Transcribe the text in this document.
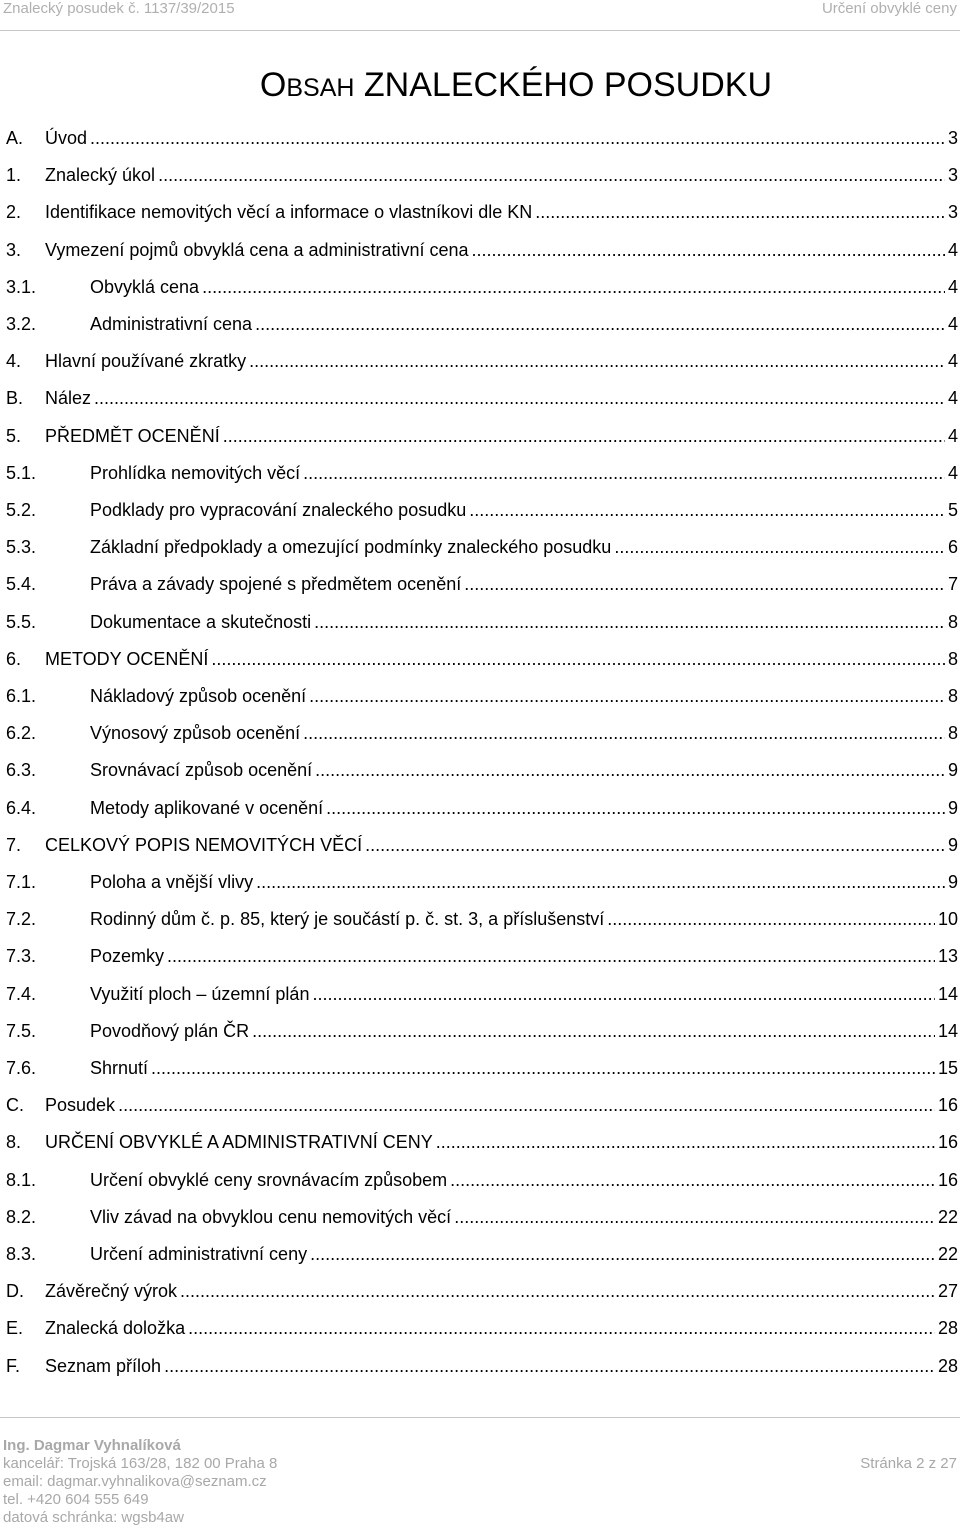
Znalecký posudek č. 1137/39/2015	Určení obvyklé ceny
OBSAH ZNALECKÉHO POSUDKU
A. Úvod .....	3
1. Znalecký úkol .....	3
2. Identifikace nemovitých věcí a informace o vlastníkovi dle KN .....	3
3. Vymezení pojmů obvyklá cena a administrativní cena .....	4
3.1.	Obvyklá cena .....	4
3.2.	Administrativní cena .....	4
4. Hlavní používané zkratky .....	4
B. Nález .....	4
5. PŘEDMĚT OCENĚNÍ .....	4
5.1.	Prohlídka nemovitých věcí .....	4
5.2.	Podklady pro vypracování znaleckého posudku .....	5
5.3.	Základní předpoklady a omezující podmínky znaleckého posudku .....	6
5.4.	Práva a závady spojené s předmětem ocenění .....	7
5.5.	Dokumentace a skutečnosti .....	8
6. METODY OCENĚNÍ .....	8
6.1.	Nákladový způsob ocenění .....	8
6.2.	Výnosový způsob ocenění .....	8
6.3.	Srovnávací způsob ocenění .....	9
6.4.	Metody aplikované v ocenění .....	9
7. CELKOVÝ POPIS NEMOVITÝCH VĚCÍ .....	9
7.1.	Poloha a vnější vlivy .....	9
7.2.	Rodinný dům č. p. 85, který je součástí p. č. st. 3, a příslušenství .....	10
7.3.	Pozemky .....	13
7.4.	Využití ploch – územní plán .....	14
7.5.	Povodňový plán ČR .....	14
7.6.	Shrnutí .....	15
C. Posudek .....	16
8. URČENÍ OBVYKLÉ A ADMINISTRATIVNÍ CENY .....	16
8.1.	Určení obvyklé ceny srovnávacím způsobem .....	16
8.2.	Vliv závad na obvyklou cenu nemovitých věcí .....	22
8.3.	Určení administrativní ceny .....	22
D. Závěrečný výrok .....	27
E. Znalecká doložka .....	28
F. Seznam příloh .....	28
Ing. Dagmar Vyhnalíková
kancelář: Trojská 163/28, 182 00 Praha 8
email: dagmar.vyhnalikova@seznam.cz
tel. +420 604 555 649
datová schránka: wgsb4aw
Stránka 2 z 27
